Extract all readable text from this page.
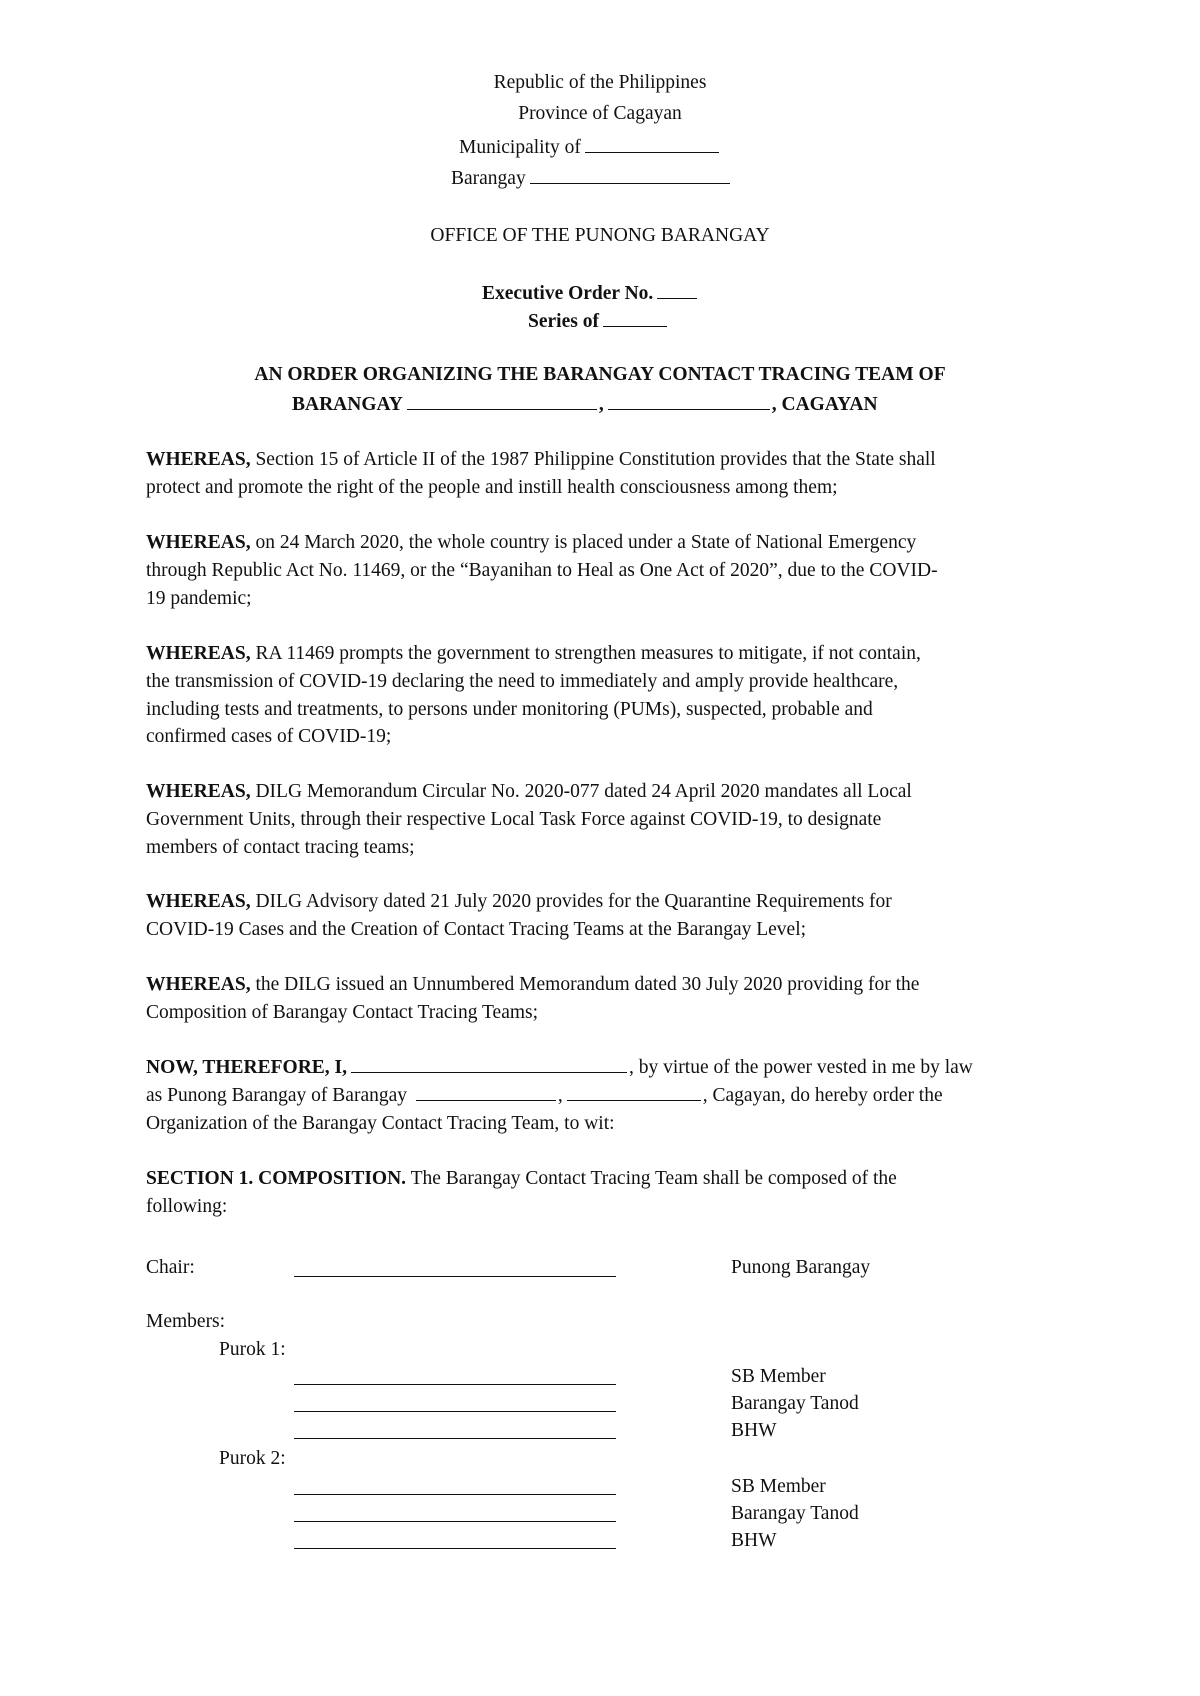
Republic of the Philippines
Province of Cagayan
Municipality of
Barangay
OFFICE OF THE PUNONG BARANGAY
Executive Order No.
Series of
AN ORDER ORGANIZING THE BARANGAY CONTACT TRACING TEAM OF
BARANGAY	,	, CAGAYAN
WHEREAS, Section 15 of Article II of the 1987 Philippine Constitution provides that the State shall
protect and promote the right of the people and instill health consciousness among them;
WHEREAS, on 24 March 2020, the whole country is placed under a State of National Emergency
through Republic Act No. 11469, or the “Bayanihan to Heal as One Act of 2020”, due to the COVID-
19 pandemic;
WHEREAS, RA 11469 prompts the government to strengthen measures to mitigate, if not contain,
the transmission of COVID-19 declaring the need to immediately and amply provide healthcare,
including tests and treatments, to persons under monitoring (PUMs), suspected, probable and
confirmed cases of COVID-19;
WHEREAS, DILG Memorandum Circular No. 2020-077 dated 24 April 2020 mandates all Local
Government Units, through their respective Local Task Force against COVID-19, to designate
members of contact tracing teams;
WHEREAS, DILG Advisory dated 21 July 2020 provides for the Quarantine Requirements for
COVID-19 Cases and the Creation of Contact Tracing Teams at the Barangay Level;
WHEREAS, the DILG issued an Unnumbered Memorandum dated 30 July 2020 providing for the
Composition of Barangay Contact Tracing Teams;
NOW, THEREFORE, I,	, by virtue of the power vested in me by law
as Punong Barangay of Barangay	,	, Cagayan, do hereby order the
Organization of the Barangay Contact Tracing Team, to wit:
SECTION 1. COMPOSITION. The Barangay Contact Tracing Team shall be composed of the
following:
Chair:	Punong Barangay
Members:
Purok 1:
SB Member
Barangay Tanod
BHW
Purok 2:
SB Member
Barangay Tanod
BHW
